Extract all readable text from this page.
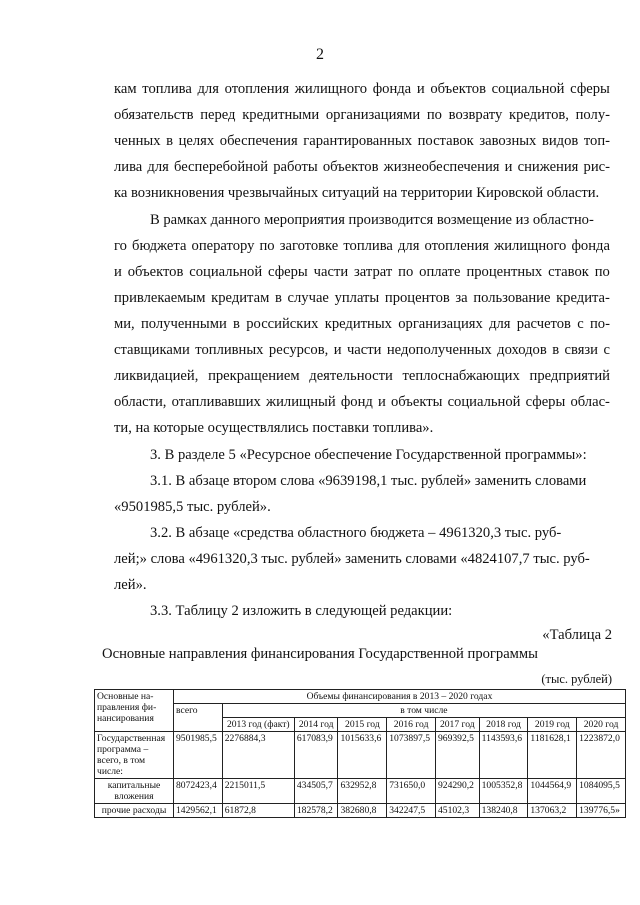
2
кам топлива для отопления жилищного фонда и объектов социальной сферы
обязательств перед кредитными организациями по возврату кредитов, полу-
ченных в целях обеспечения гарантированных поставок завозных видов топ-
лива для бесперебойной работы объектов жизнеобеспечения и снижения рис-
ка возникновения чрезвычайных ситуаций на территории Кировской области.
В рамках данного мероприятия производится возмещение из областно-
го бюджета оператору по заготовке топлива для отопления жилищного фонда
и объектов социальной сферы части затрат по оплате процентных ставок по
привлекаемым кредитам в случае уплаты процентов за пользование кредита-
ми, полученными в российских кредитных организациях для расчетов с по-
ставщиками топливных ресурсов, и части недополученных доходов в связи с
ликвидацией, прекращением деятельности теплоснабжающих предприятий
области, отапливавших жилищный фонд и объекты социальной сферы облас-
ти, на которые осуществлялись поставки топлива».
3. В разделе 5 «Ресурсное обеспечение Государственной программы»:
3.1. В абзаце втором слова «9639198,1 тыс. рублей» заменить словами
«9501985,5 тыс. рублей».
3.2. В абзаце «средства областного бюджета – 4961320,3 тыс. руб-
лей;» слова «4961320,3 тыс. рублей» заменить словами «4824107,7 тыс. руб-
лей».
3.3. Таблицу 2 изложить в следующей редакции:
«Таблица 2
Основные направления финансирования Государственной программы
(тыс. рублей)
Основные на-правления фи-нансирования	Объемы финансирования в 2013 – 2020 годах								
	всего	в том числе							
		2013 год (факт)	2014 год	2015 год	2016 год	2017 год	2018 год	2019 год	2020 год
Государственная программа – всего, в том числе:	9501985,5	2276884,3	617083,9	1015633,6	1073897,5	969392,5	1143593,6	1181628,1	1223872,0
капитальные вложения	8072423,4	2215011,5	434505,7	632952,8	731650,0	924290,2	1005352,8	1044564,9	1084095,5
прочие расходы	1429562,1	61872,8	182578,2	382680,8	342247,5	45102,3	138240,8	137063,2	139776,5»
